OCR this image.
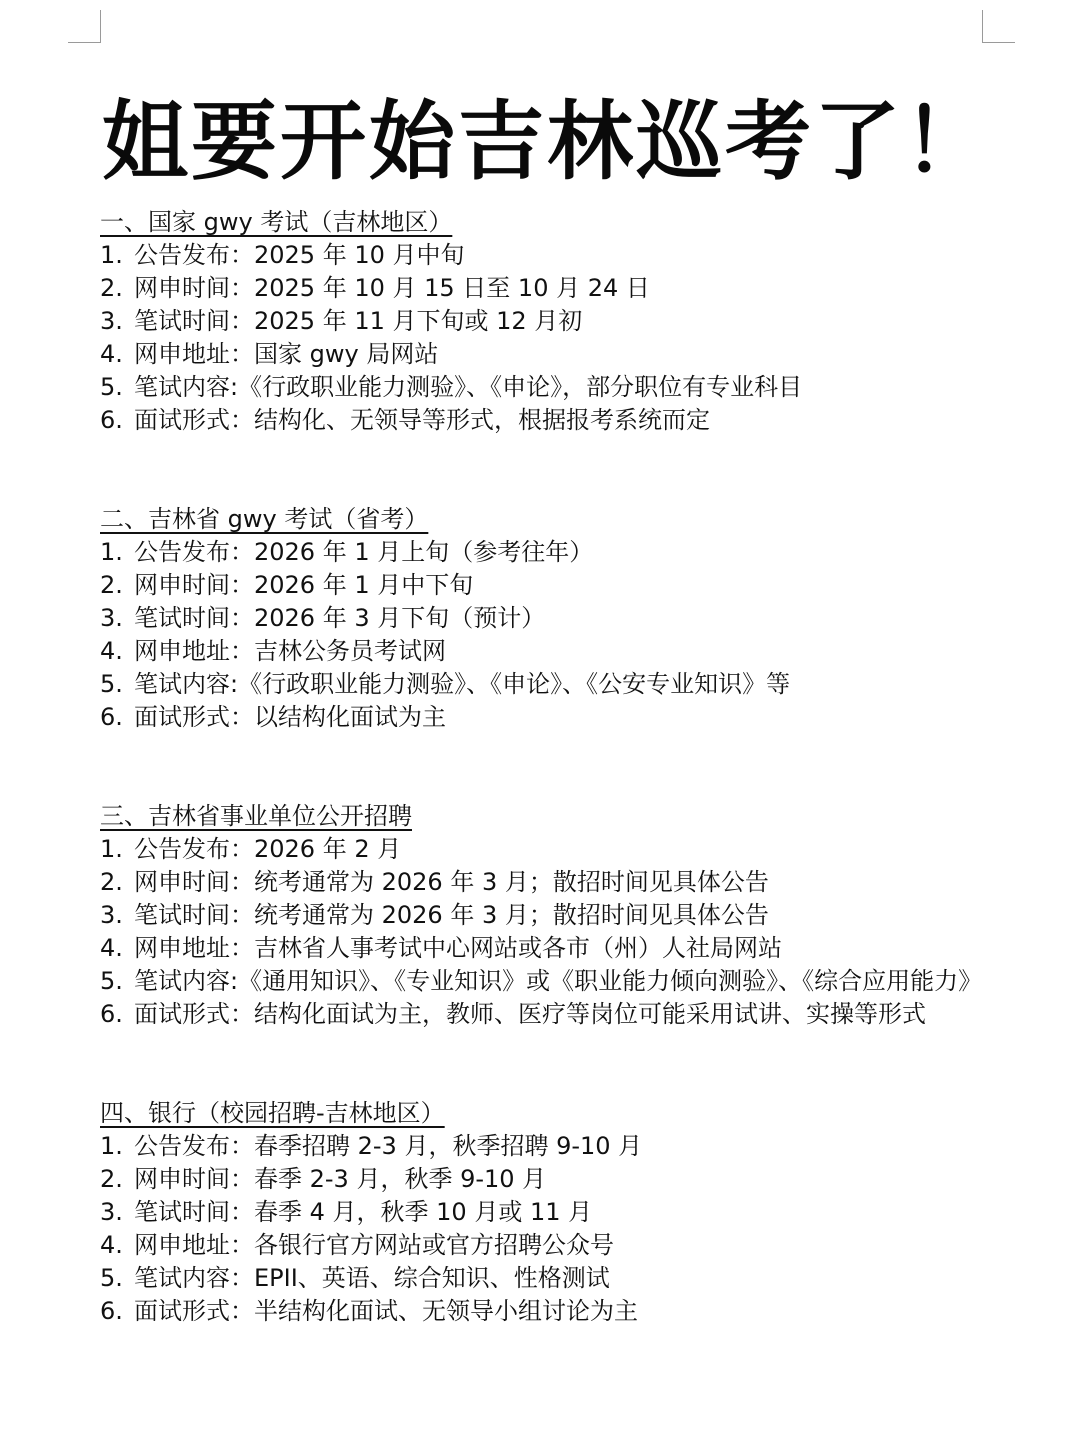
姐要开始吉林巡考了！
一、国家 gwy 考试（吉林地区）
1. 公告发布：2025 年 10 月中旬
2. 网申时间：2025 年 10 月 15 日至 10 月 24 日
3. 笔试时间：2025 年 11 月下旬或 12 月初
4. 网申地址：国家 gwy 局网站
5. 笔试内容:《行政职业能力测验》、《申论》，部分职位有专业科目
6. 面试形式：结构化、无领导等形式，根据报考系统而定
二、吉林省 gwy 考试（省考）
1. 公告发布：2026 年 1 月上旬（参考往年）
2. 网申时间：2026 年 1 月中下旬
3. 笔试时间：2026 年 3 月下旬（预计）
4. 网申地址：吉林公务员考试网
5. 笔试内容:《行政职业能力测验》、《申论》、《公安专业知识》等
6. 面试形式：以结构化面试为主
三、吉林省事业单位公开招聘
1. 公告发布：2026 年 2 月
2. 网申时间：统考通常为 2026 年 3 月；散招时间见具体公告
3. 笔试时间：统考通常为 2026 年 3 月；散招时间见具体公告
4. 网申地址：吉林省人事考试中心网站或各市（州）人社局网站
5. 笔试内容:《通用知识》、《专业知识》或《职业能力倾向测验》、《综合应用能力》
6. 面试形式：结构化面试为主，教师、医疗等岗位可能采用试讲、实操等形式
四、银行（校园招聘-吉林地区）
1. 公告发布：春季招聘 2-3 月，秋季招聘 9-10 月
2. 网申时间：春季 2-3 月，秋季 9-10 月
3. 笔试时间：春季 4 月，秋季 10 月或 11 月
4. 网申地址：各银行官方网站或官方招聘公众号
5. 笔试内容：EPII、英语、综合知识、性格测试
6. 面试形式：半结构化面试、无领导小组讨论为主
